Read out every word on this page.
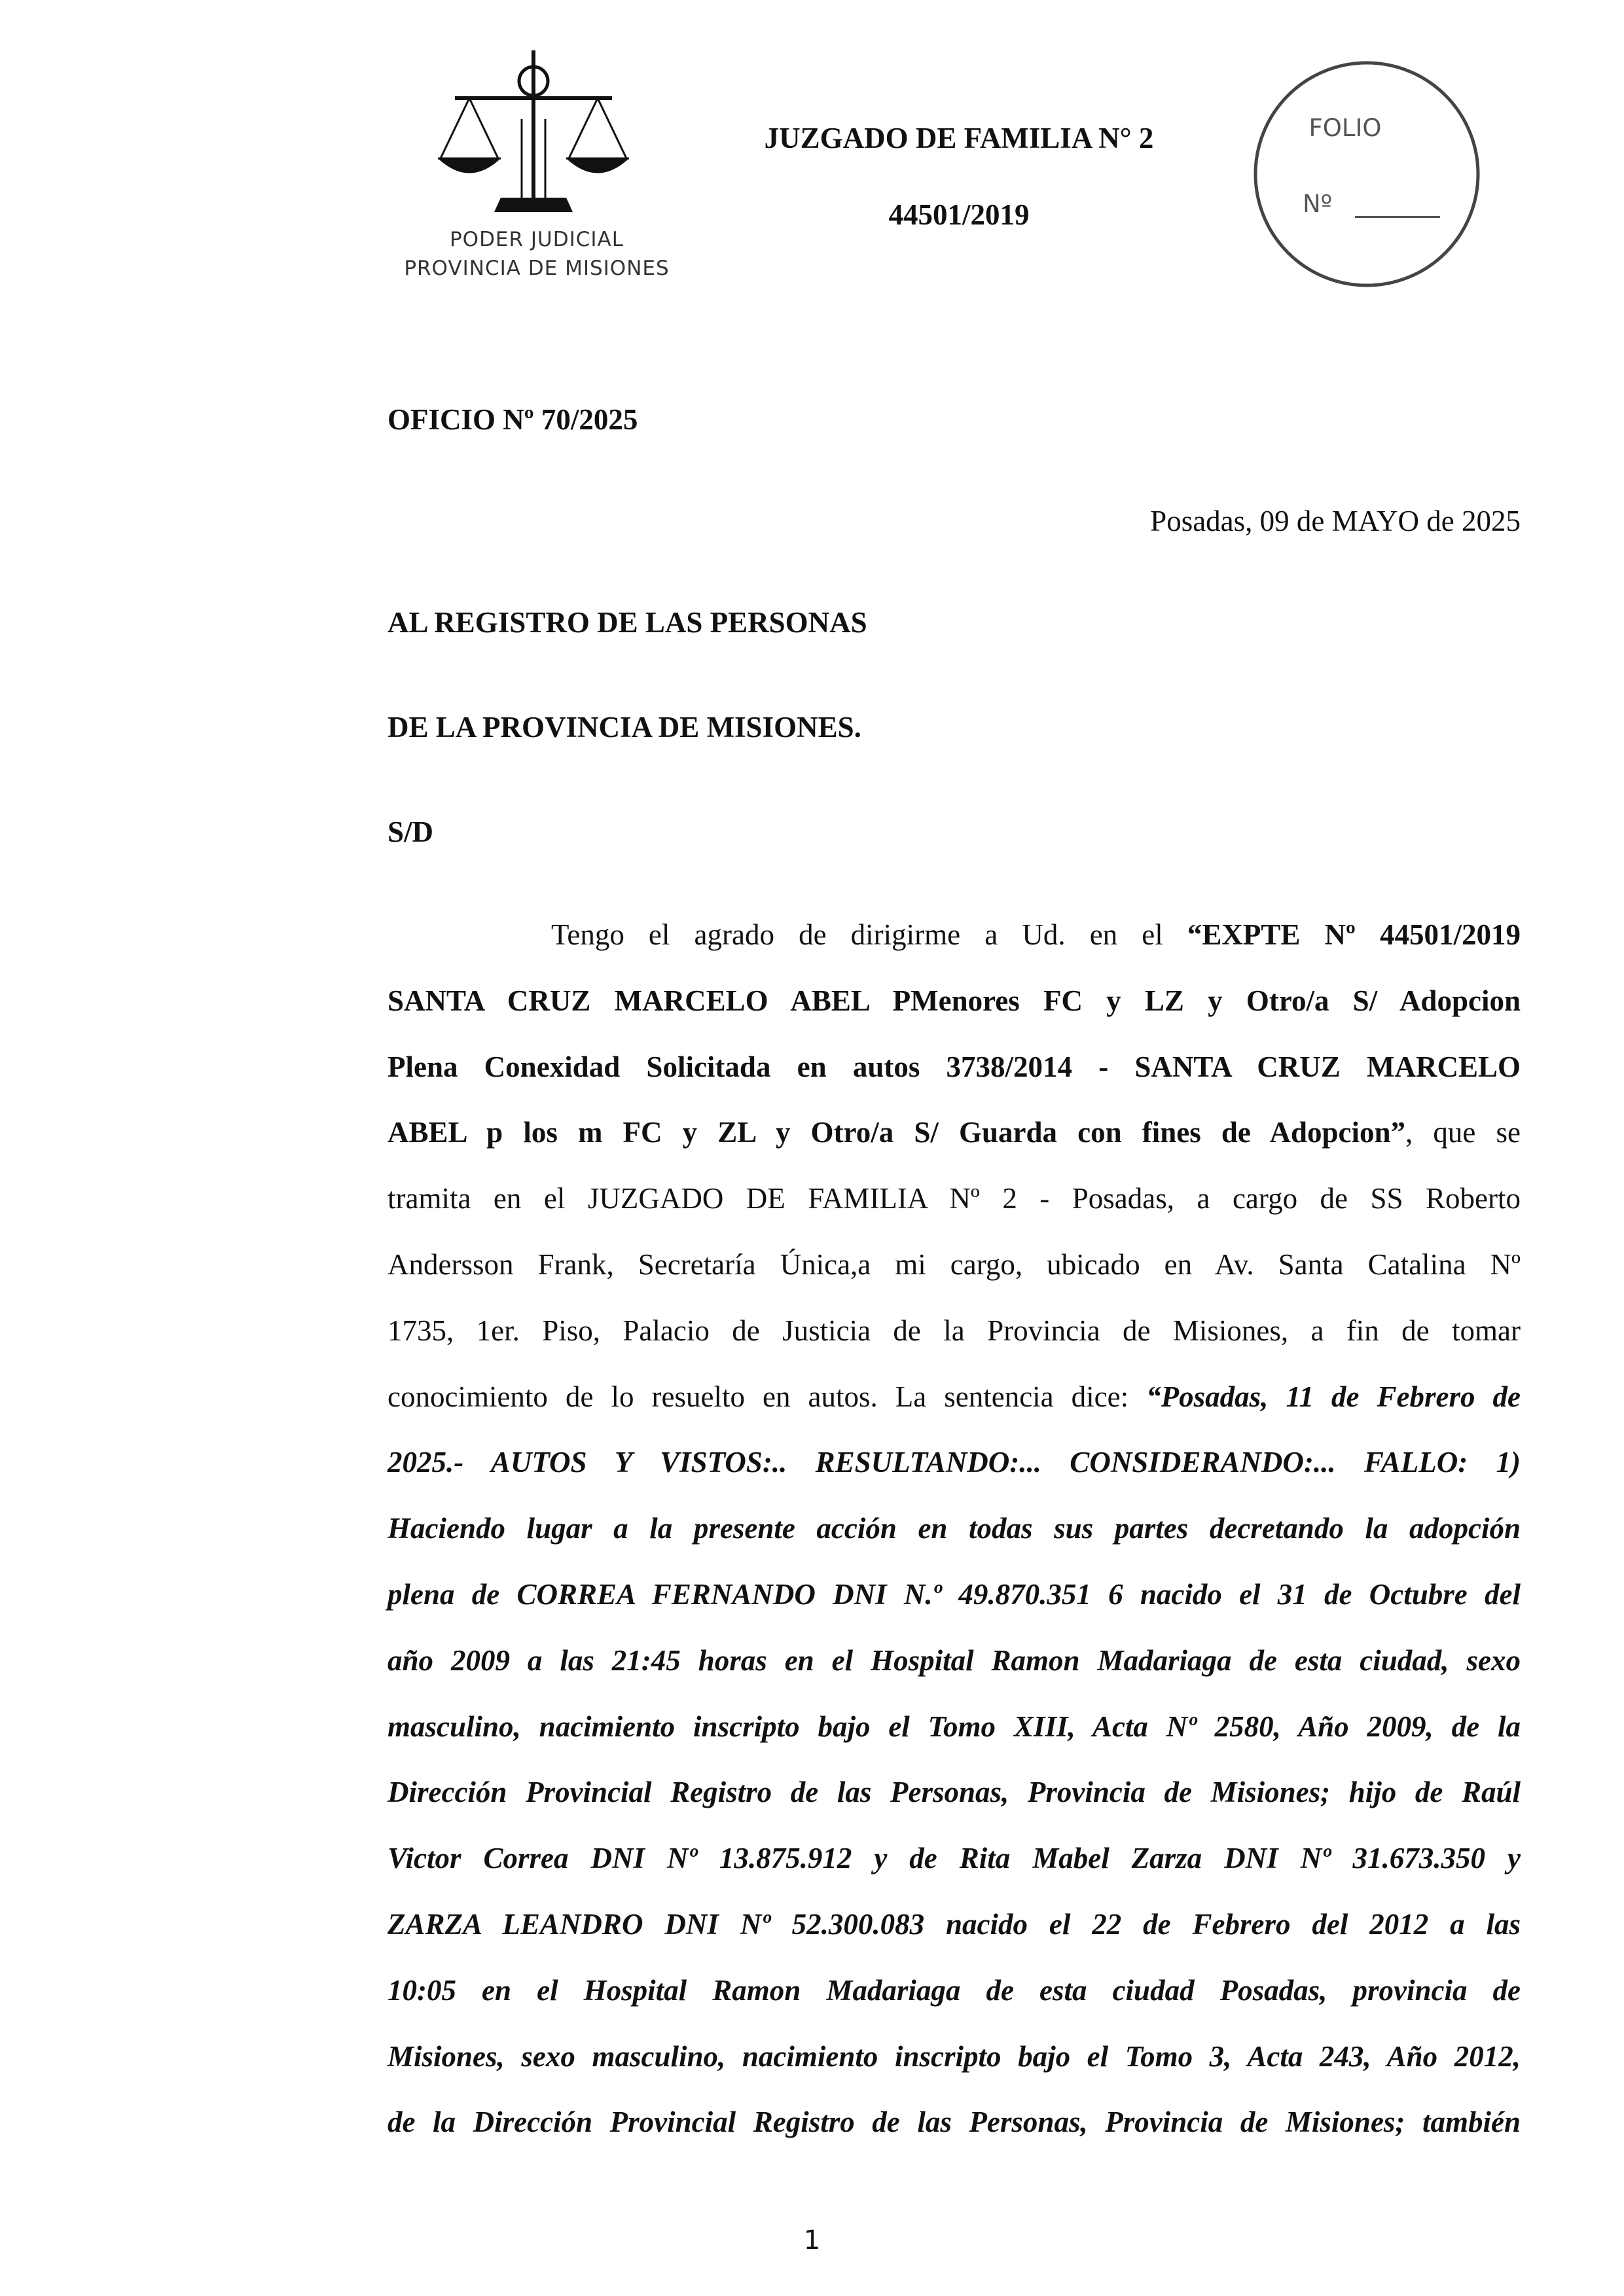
PODER JUDICIAL
PROVINCIA DE MISIONES
JUZGADO DE FAMILIA N° 2
44501/2019
FOLIO
Nº
OFICIO Nº 70/2025
Posadas, 09 de MAYO de 2025
AL REGISTRO DE LAS PERSONAS
DE LA PROVINCIA DE MISIONES.
S/D
Tengo el agrado de dirigirme a Ud. en el “EXPTE Nº 44501/2019
SANTA CRUZ MARCELO ABEL PMenores FC y LZ y Otro/a S/ Adopcion
Plena Conexidad Solicitada en autos 3738/2014 - SANTA CRUZ MARCELO
ABEL p los m FC y ZL y Otro/a S/ Guarda con fines de Adopcion”, que se
tramita en el JUZGADO DE FAMILIA Nº 2 - Posadas, a cargo de SS Roberto
Andersson Frank, Secretaría Única,a mi cargo, ubicado en Av. Santa Catalina Nº
1735, 1er. Piso, Palacio de Justicia de la Provincia de Misiones, a fin de tomar
conocimiento de lo resuelto en autos. La sentencia dice: “Posadas, 11 de Febrero de
2025.- AUTOS Y VISTOS:.. RESULTANDO:... CONSIDERANDO:... FALLO: 1)
Haciendo lugar a la presente acción en todas sus partes decretando la adopción
plena de CORREA FERNANDO DNI N.º 49.870.351 6 nacido el 31 de Octubre del
año 2009 a las 21:45 horas en el Hospital Ramon Madariaga de esta ciudad, sexo
masculino, nacimiento inscripto bajo el Tomo XIII, Acta Nº 2580, Año 2009, de la
Dirección Provincial Registro de las Personas, Provincia de Misiones; hijo de Raúl
Victor Correa DNI Nº 13.875.912 y de Rita Mabel Zarza DNI Nº 31.673.350 y
ZARZA LEANDRO DNI Nº 52.300.083 nacido el 22 de Febrero del 2012 a las
10:05 en el Hospital Ramon Madariaga de esta ciudad Posadas, provincia de
Misiones, sexo masculino, nacimiento inscripto bajo el Tomo 3, Acta 243, Año 2012,
de la Dirección Provincial Registro de las Personas, Provincia de Misiones; también
1
